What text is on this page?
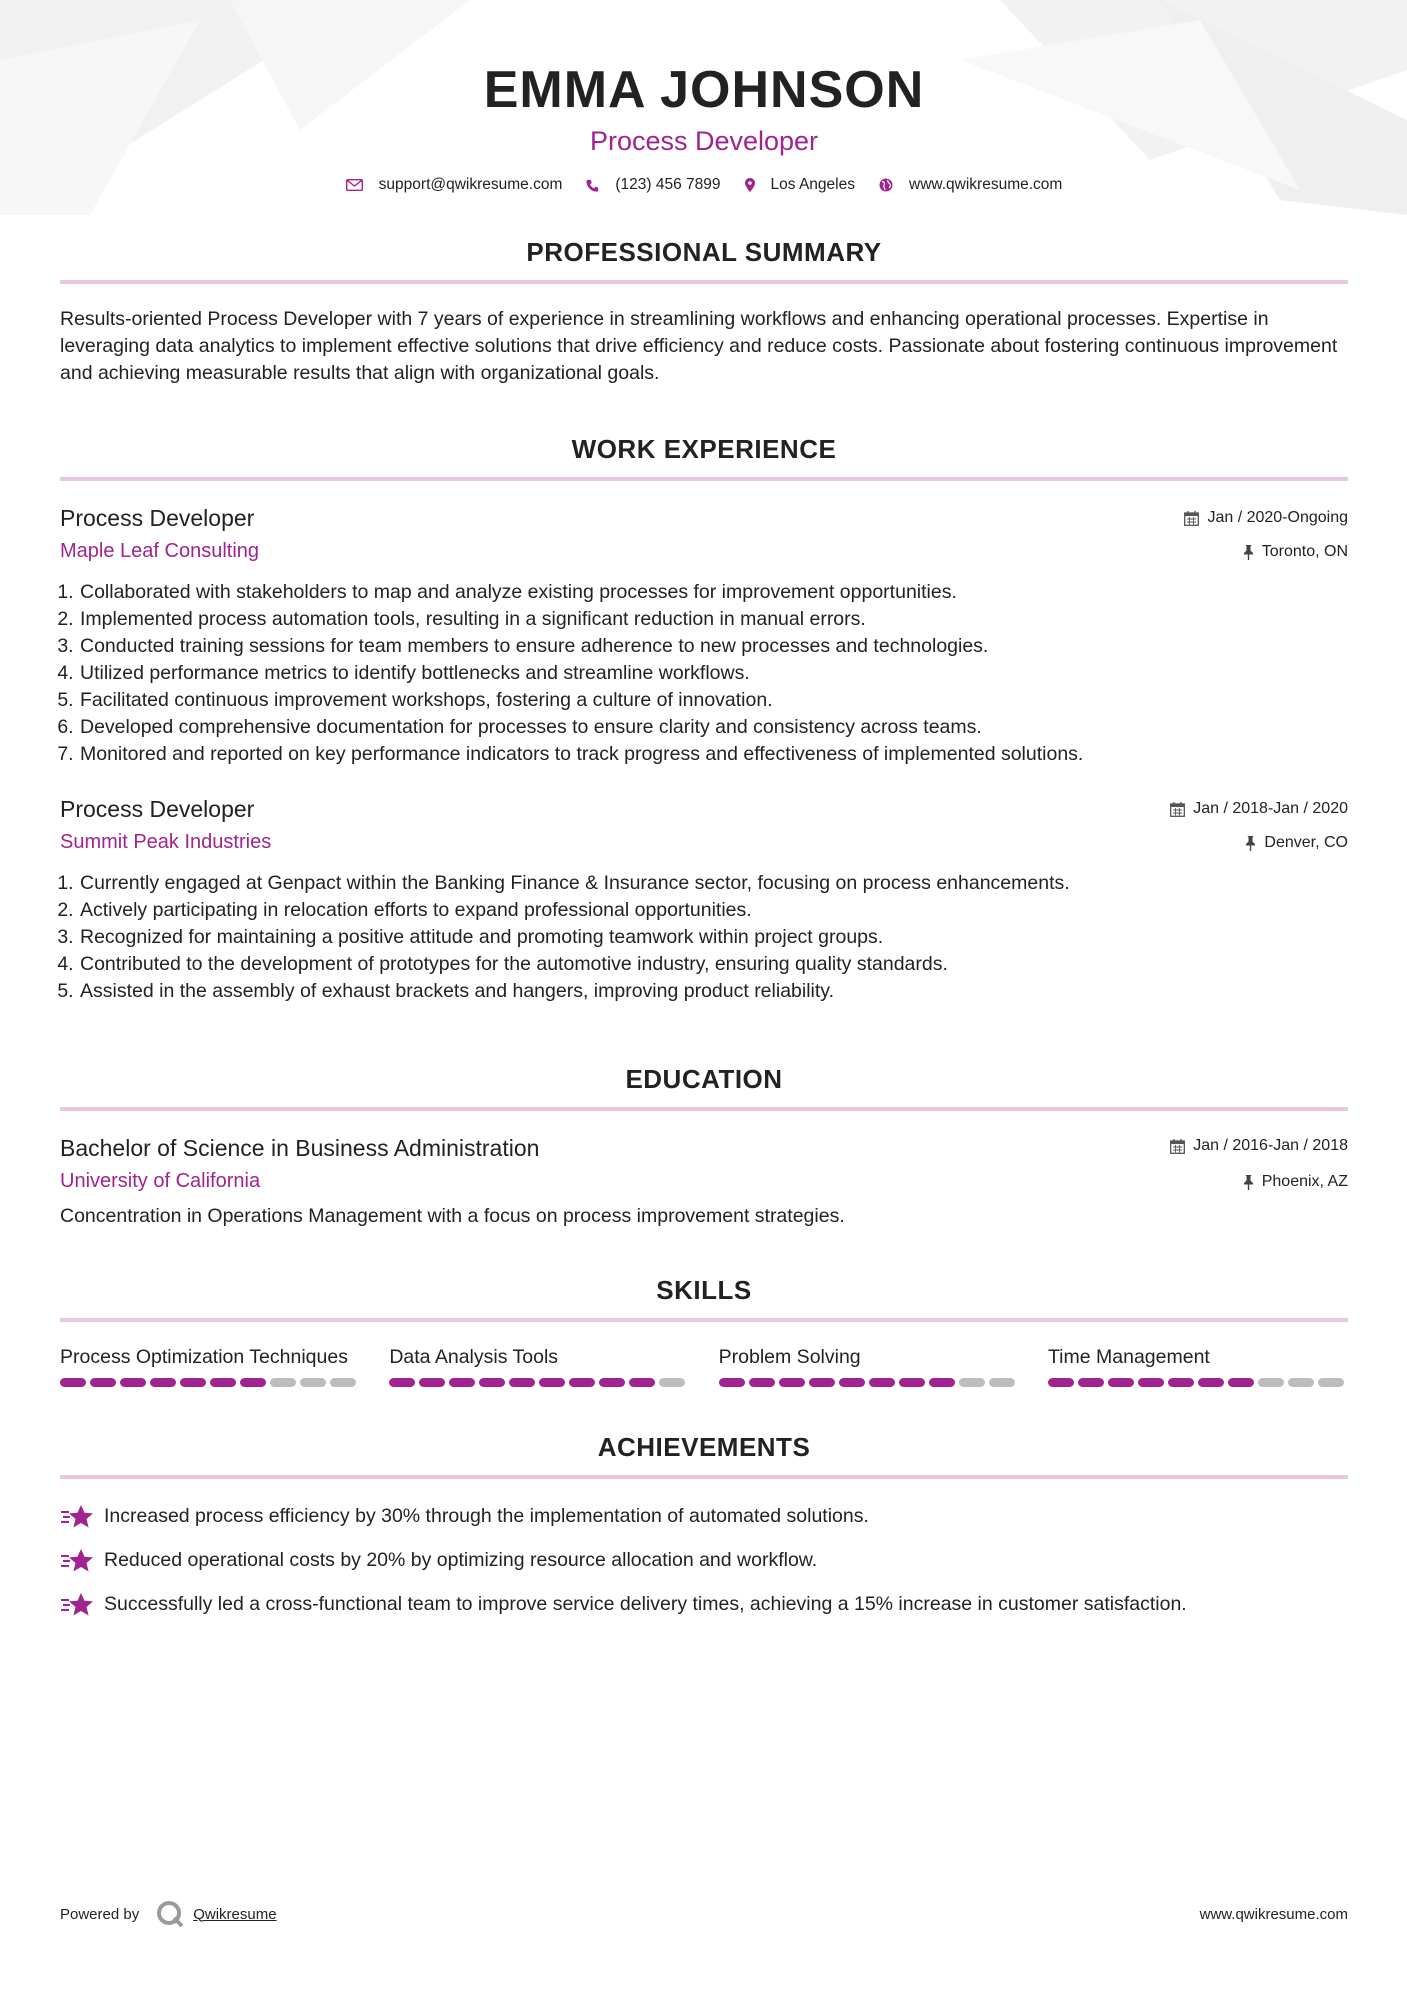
EMMA JOHNSON
Process Developer
support@qwikresume.com	(123) 456 7899	Los Angeles	www.qwikresume.com
PROFESSIONAL SUMMARY
Results-oriented Process Developer with 7 years of experience in streamlining workflows and enhancing operational processes. Expertise in leveraging data analytics to implement effective solutions that drive efficiency and reduce costs. Passionate about fostering continuous improvement and achieving measurable results that align with organizational goals.
WORK EXPERIENCE
Process Developer
Maple Leaf Consulting
Jan / 2020-Ongoing
Toronto, ON
1. Collaborated with stakeholders to map and analyze existing processes for improvement opportunities.
2. Implemented process automation tools, resulting in a significant reduction in manual errors.
3. Conducted training sessions for team members to ensure adherence to new processes and technologies.
4. Utilized performance metrics to identify bottlenecks and streamline workflows.
5. Facilitated continuous improvement workshops, fostering a culture of innovation.
6. Developed comprehensive documentation for processes to ensure clarity and consistency across teams.
7. Monitored and reported on key performance indicators to track progress and effectiveness of implemented solutions.
Process Developer
Summit Peak Industries
Jan / 2018-Jan / 2020
Denver, CO
1. Currently engaged at Genpact within the Banking Finance & Insurance sector, focusing on process enhancements.
2. Actively participating in relocation efforts to expand professional opportunities.
3. Recognized for maintaining a positive attitude and promoting teamwork within project groups.
4. Contributed to the development of prototypes for the automotive industry, ensuring quality standards.
5. Assisted in the assembly of exhaust brackets and hangers, improving product reliability.
EDUCATION
Bachelor of Science in Business Administration
University of California
Jan / 2016-Jan / 2018
Phoenix, AZ
Concentration in Operations Management with a focus on process improvement strategies.
SKILLS
Process Optimization Techniques	Data Analysis Tools	Problem Solving	Time Management
ACHIEVEMENTS
Increased process efficiency by 30% through the implementation of automated solutions.
Reduced operational costs by 20% by optimizing resource allocation and workflow.
Successfully led a cross-functional team to improve service delivery times, achieving a 15% increase in customer satisfaction.
Powered by	Qwikresume	www.qwikresume.com
